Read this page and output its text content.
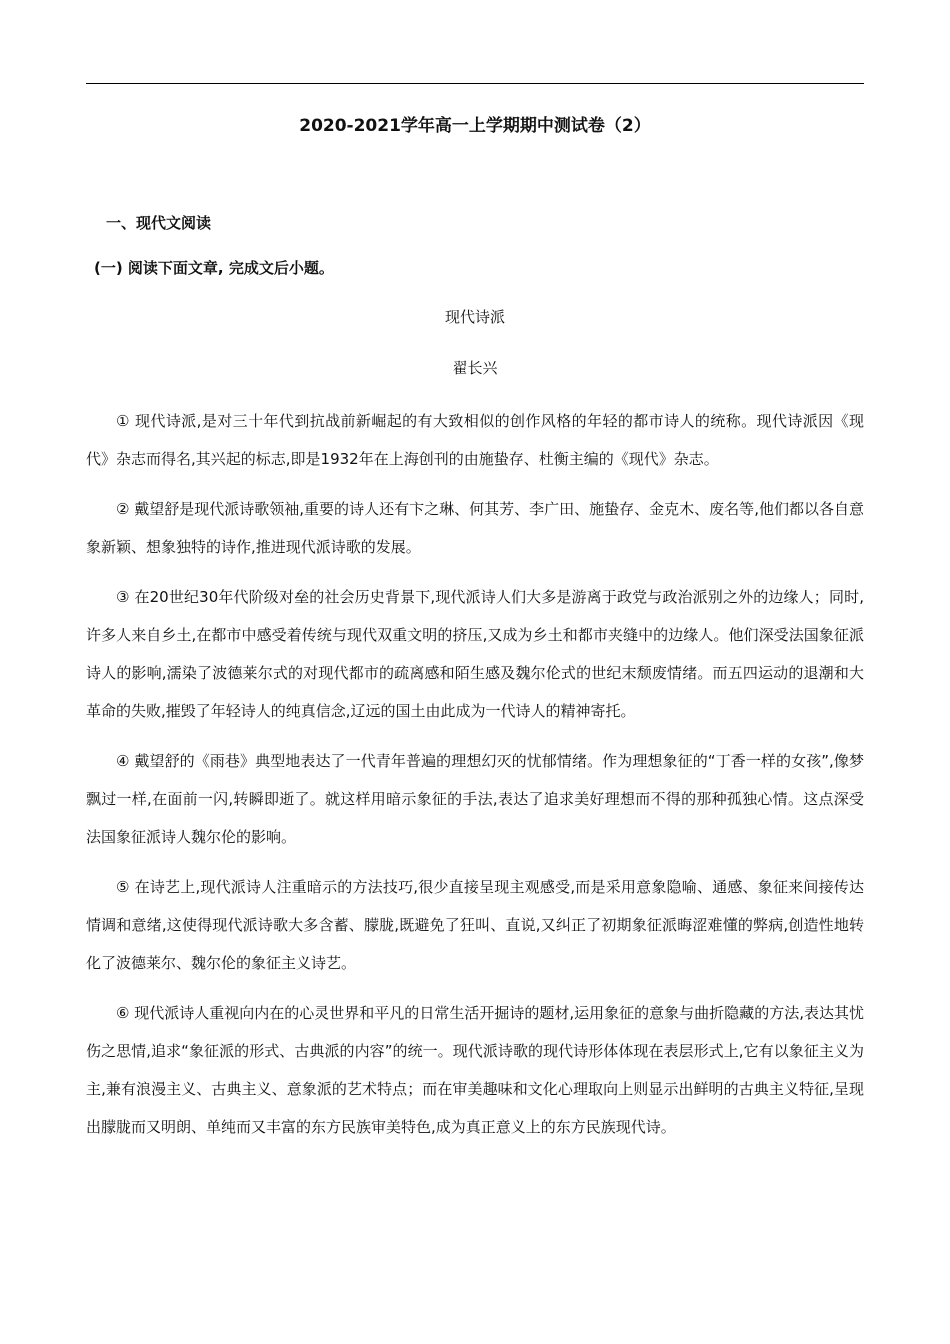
2020-2021学年高一上学期期中测试卷（2）
一、现代文阅读
(一) 阅读下面文章, 完成文后小题。
现代诗派
翟长兴

① 现代诗派,是对三十年代到抗战前新崛起的有大致相似的创作风格的年轻的都市诗人的统称。现代诗派因《现代》杂志而得名,其兴起的标志,即是1932年在上海创刊的由施蛰存、杜衡主编的《现代》杂志。

② 戴望舒是现代派诗歌领袖,重要的诗人还有卞之琳、何其芳、李广田、施蛰存、金克木、废名等,他们都以各自意象新颖、想象独特的诗作,推进现代派诗歌的发展。

③ 在20世纪30年代阶级对垒的社会历史背景下,现代派诗人们大多是游离于政党与政治派别之外的边缘人；同时,许多人来自乡土,在都市中感受着传统与现代双重文明的挤压,又成为乡土和都市夹缝中的边缘人。他们深受法国象征派诗人的影响,濡染了波德莱尔式的对现代都市的疏离感和陌生感及魏尔伦式的世纪末颓废情绪。而五四运动的退潮和大革命的失败,摧毁了年轻诗人的纯真信念,辽远的国土由此成为一代诗人的精神寄托。

④ 戴望舒的《雨巷》典型地表达了一代青年普遍的理想幻灭的忧郁情绪。作为理想象征的“丁香一样的女孩”,像梦飘过一样,在面前一闪,转瞬即逝了。就这样用暗示象征的手法,表达了追求美好理想而不得的那种孤独心情。这点深受法国象征派诗人魏尔伦的影响。

⑤ 在诗艺上,现代派诗人注重暗示的方法技巧,很少直接呈现主观感受,而是采用意象隐喻、通感、象征来间接传达情调和意绪,这使得现代派诗歌大多含蓄、朦胧,既避免了狂叫、直说,又纠正了初期象征派晦涩难懂的弊病,创造性地转化了波德莱尔、魏尔伦的象征主义诗艺。

⑥ 现代派诗人重视向内在的心灵世界和平凡的日常生活开掘诗的题材,运用象征的意象与曲折隐藏的方法,表达其忧伤之思情,追求“象征派的形式、古典派的内容”的统一。现代派诗歌的现代诗形体体现在表层形式上,它有以象征主义为主,兼有浪漫主义、古典主义、意象派的艺术特点；而在审美趣味和文化心理取向上则显示出鲜明的古典主义特征,呈现出朦胧而又明朗、单纯而又丰富的东方民族审美特色,成为真正意义上的东方民族现代诗。
